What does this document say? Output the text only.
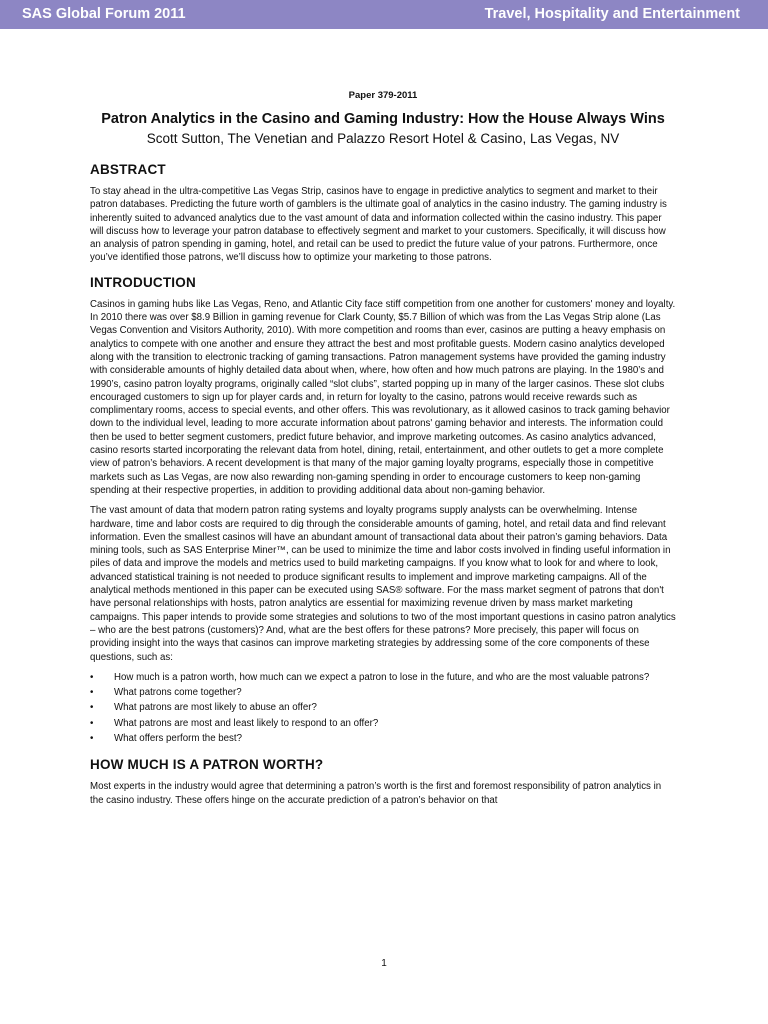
SAS Global Forum 2011	Travel, Hospitality and Entertainment
Paper 379-2011
Patron Analytics in the Casino and Gaming Industry: How the House Always Wins
Scott Sutton, The Venetian and Palazzo Resort Hotel & Casino, Las Vegas, NV
ABSTRACT

To stay ahead in the ultra-competitive Las Vegas Strip, casinos have to engage in predictive analytics to segment and market to their patron databases. Predicting the future worth of gamblers is the ultimate goal of analytics in the casino industry. The gaming industry is inherently suited to advanced analytics due to the vast amount of data and information collected within the casino industry. This paper will discuss how to leverage your patron database to effectively segment and market to your customers. Specifically, it will discuss how an analysis of patron spending in gaming, hotel, and retail can be used to predict the future value of your patrons. Furthermore, once you’ve identified those patrons, we’ll discuss how to optimize your marketing to those patrons.

INTRODUCTION

Casinos in gaming hubs like Las Vegas, Reno, and Atlantic City face stiff competition from one another for customers' money and loyalty. In 2010 there was over $8.9 Billion in gaming revenue for Clark County, $5.7 Billion of which was from the Las Vegas Strip alone (Las Vegas Convention and Visitors Authority, 2010). With more competition and rooms than ever, casinos are putting a heavy emphasis on analytics to compete with one another and ensure they attract the best and most profitable guests. Modern casino analytics developed along with the transition to electronic tracking of gaming transactions. Patron management systems have provided the gaming industry with considerable amounts of highly detailed data about when, where, how often and how much patrons are playing. In the 1980’s and 1990’s, casino patron loyalty programs, originally called “slot clubs”, started popping up in many of the larger casinos. These slot clubs encouraged customers to sign up for player cards and, in return for loyalty to the casino, patrons would receive rewards such as complimentary rooms, access to special events, and other offers. This was revolutionary, as it allowed casinos to track gaming behavior down to the individual level, leading to more accurate information about patrons' gaming behavior and interests. The information could then be used to better segment customers, predict future behavior, and improve marketing outcomes. As casino analytics advanced, casino resorts started incorporating the relevant data from hotel, dining, retail, entertainment, and other outlets to get a more complete view of patron’s behaviors. A recent development is that many of the major gaming loyalty programs, especially those in competitive markets such as Las Vegas, are now also rewarding non-gaming spending in order to encourage customers to keep non-gaming spending at their respective properties, in addition to providing additional data about non-gaming behavior.

The vast amount of data that modern patron rating systems and loyalty programs supply analysts can be overwhelming. Intense hardware, time and labor costs are required to dig through the considerable amounts of gaming, hotel, and retail data and find relevant information. Even the smallest casinos will have an abundant amount of transactional data about their patron’s gaming behaviors. Data mining tools, such as SAS Enterprise Miner™, can be used to minimize the time and labor costs involved in finding useful information in piles of data and improve the models and metrics used to build marketing campaigns. If you know what to look for and where to look, advanced statistical training is not needed to produce significant results to implement and improve marketing campaigns. All of the analytical methods mentioned in this paper can be executed using SAS® software. For the mass market segment of patrons that don't have personal relationships with hosts, patron analytics are essential for maximizing revenue driven by mass market marketing campaigns. This paper intends to provide some strategies and solutions to two of the most important questions in casino patron analytics – who are the best patrons (customers)? And, what are the best offers for these patrons? More precisely, this paper will focus on providing insight into the ways that casinos can improve marketing strategies by addressing some of the core components of these questions, such as:

• How much is a patron worth, how much can we expect a patron to lose in the future, and who are the most valuable patrons?
• What patrons come together?
• What patrons are most likely to abuse an offer?
• What patrons are most and least likely to respond to an offer?
• What offers perform the best?
HOW MUCH IS A PATRON WORTH?

Most experts in the industry would agree that determining a patron’s worth is the first and foremost responsibility of patron analytics in the casino industry. These offers hinge on the accurate prediction of a patron’s behavior on that

1
